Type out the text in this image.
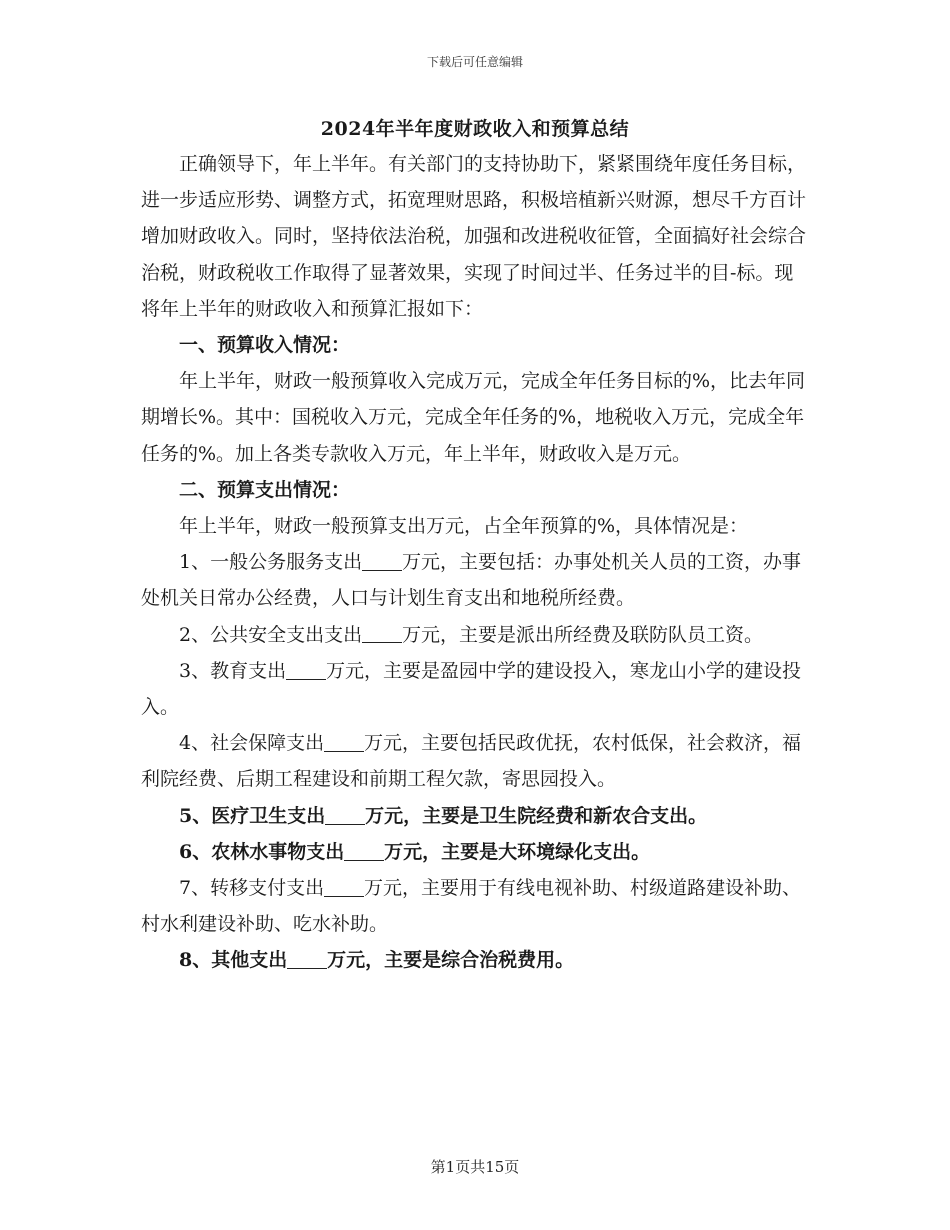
下载后可任意编辑
2024年半年度财政收入和预算总结

正确领导下，年上半年。有关部门的支持协助下，紧紧围绕年度任务目标，进一步适应形势、调整方式，拓宽理财思路，积极培植新兴财源，想尽千方百计增加财政收入。同时，坚持依法治税，加强和改进税收征管，全面搞好社会综合治税，财政税收工作取得了显著效果，实现了时间过半、任务过半的目-标。现将年上半年的财政收入和预算汇报如下：

一、预算收入情况：

年上半年，财政一般预算收入完成万元，完成全年任务目标的%，比去年同期增长%。其中：国税收入万元，完成全年任务的%，地税收入万元，完成全年任务的%。加上各类专款收入万元，年上半年，财政收入是万元。

二、预算支出情况：

年上半年，财政一般预算支出万元，占全年预算的%，具体情况是：

1、一般公务服务支出 万元，主要包括：办事处机关人员的工资，办事处机关日常办公经费，人口与计划生育支出和地税所经费。

2、公共安全支出支出 万元，主要是派出所经费及联防队员工资。

3、教育支出 万元，主要是盈园中学的建设投入，寒龙山小学的建设投入。

4、社会保障支出 万元，主要包括民政优抚，农村低保，社会救济，福利院经费、后期工程建设和前期工程欠款，寄思园投入。

5、医疗卫生支出 万元，主要是卫生院经费和新农合支出。

6、农林水事物支出 万元，主要是大环境绿化支出。

7、转移支付支出 万元，主要用于有线电视补助、村级道路建设补助、村水利建设补助、吃水补助。

8、其他支出 万元，主要是综合治税费用。

第1页共15页
